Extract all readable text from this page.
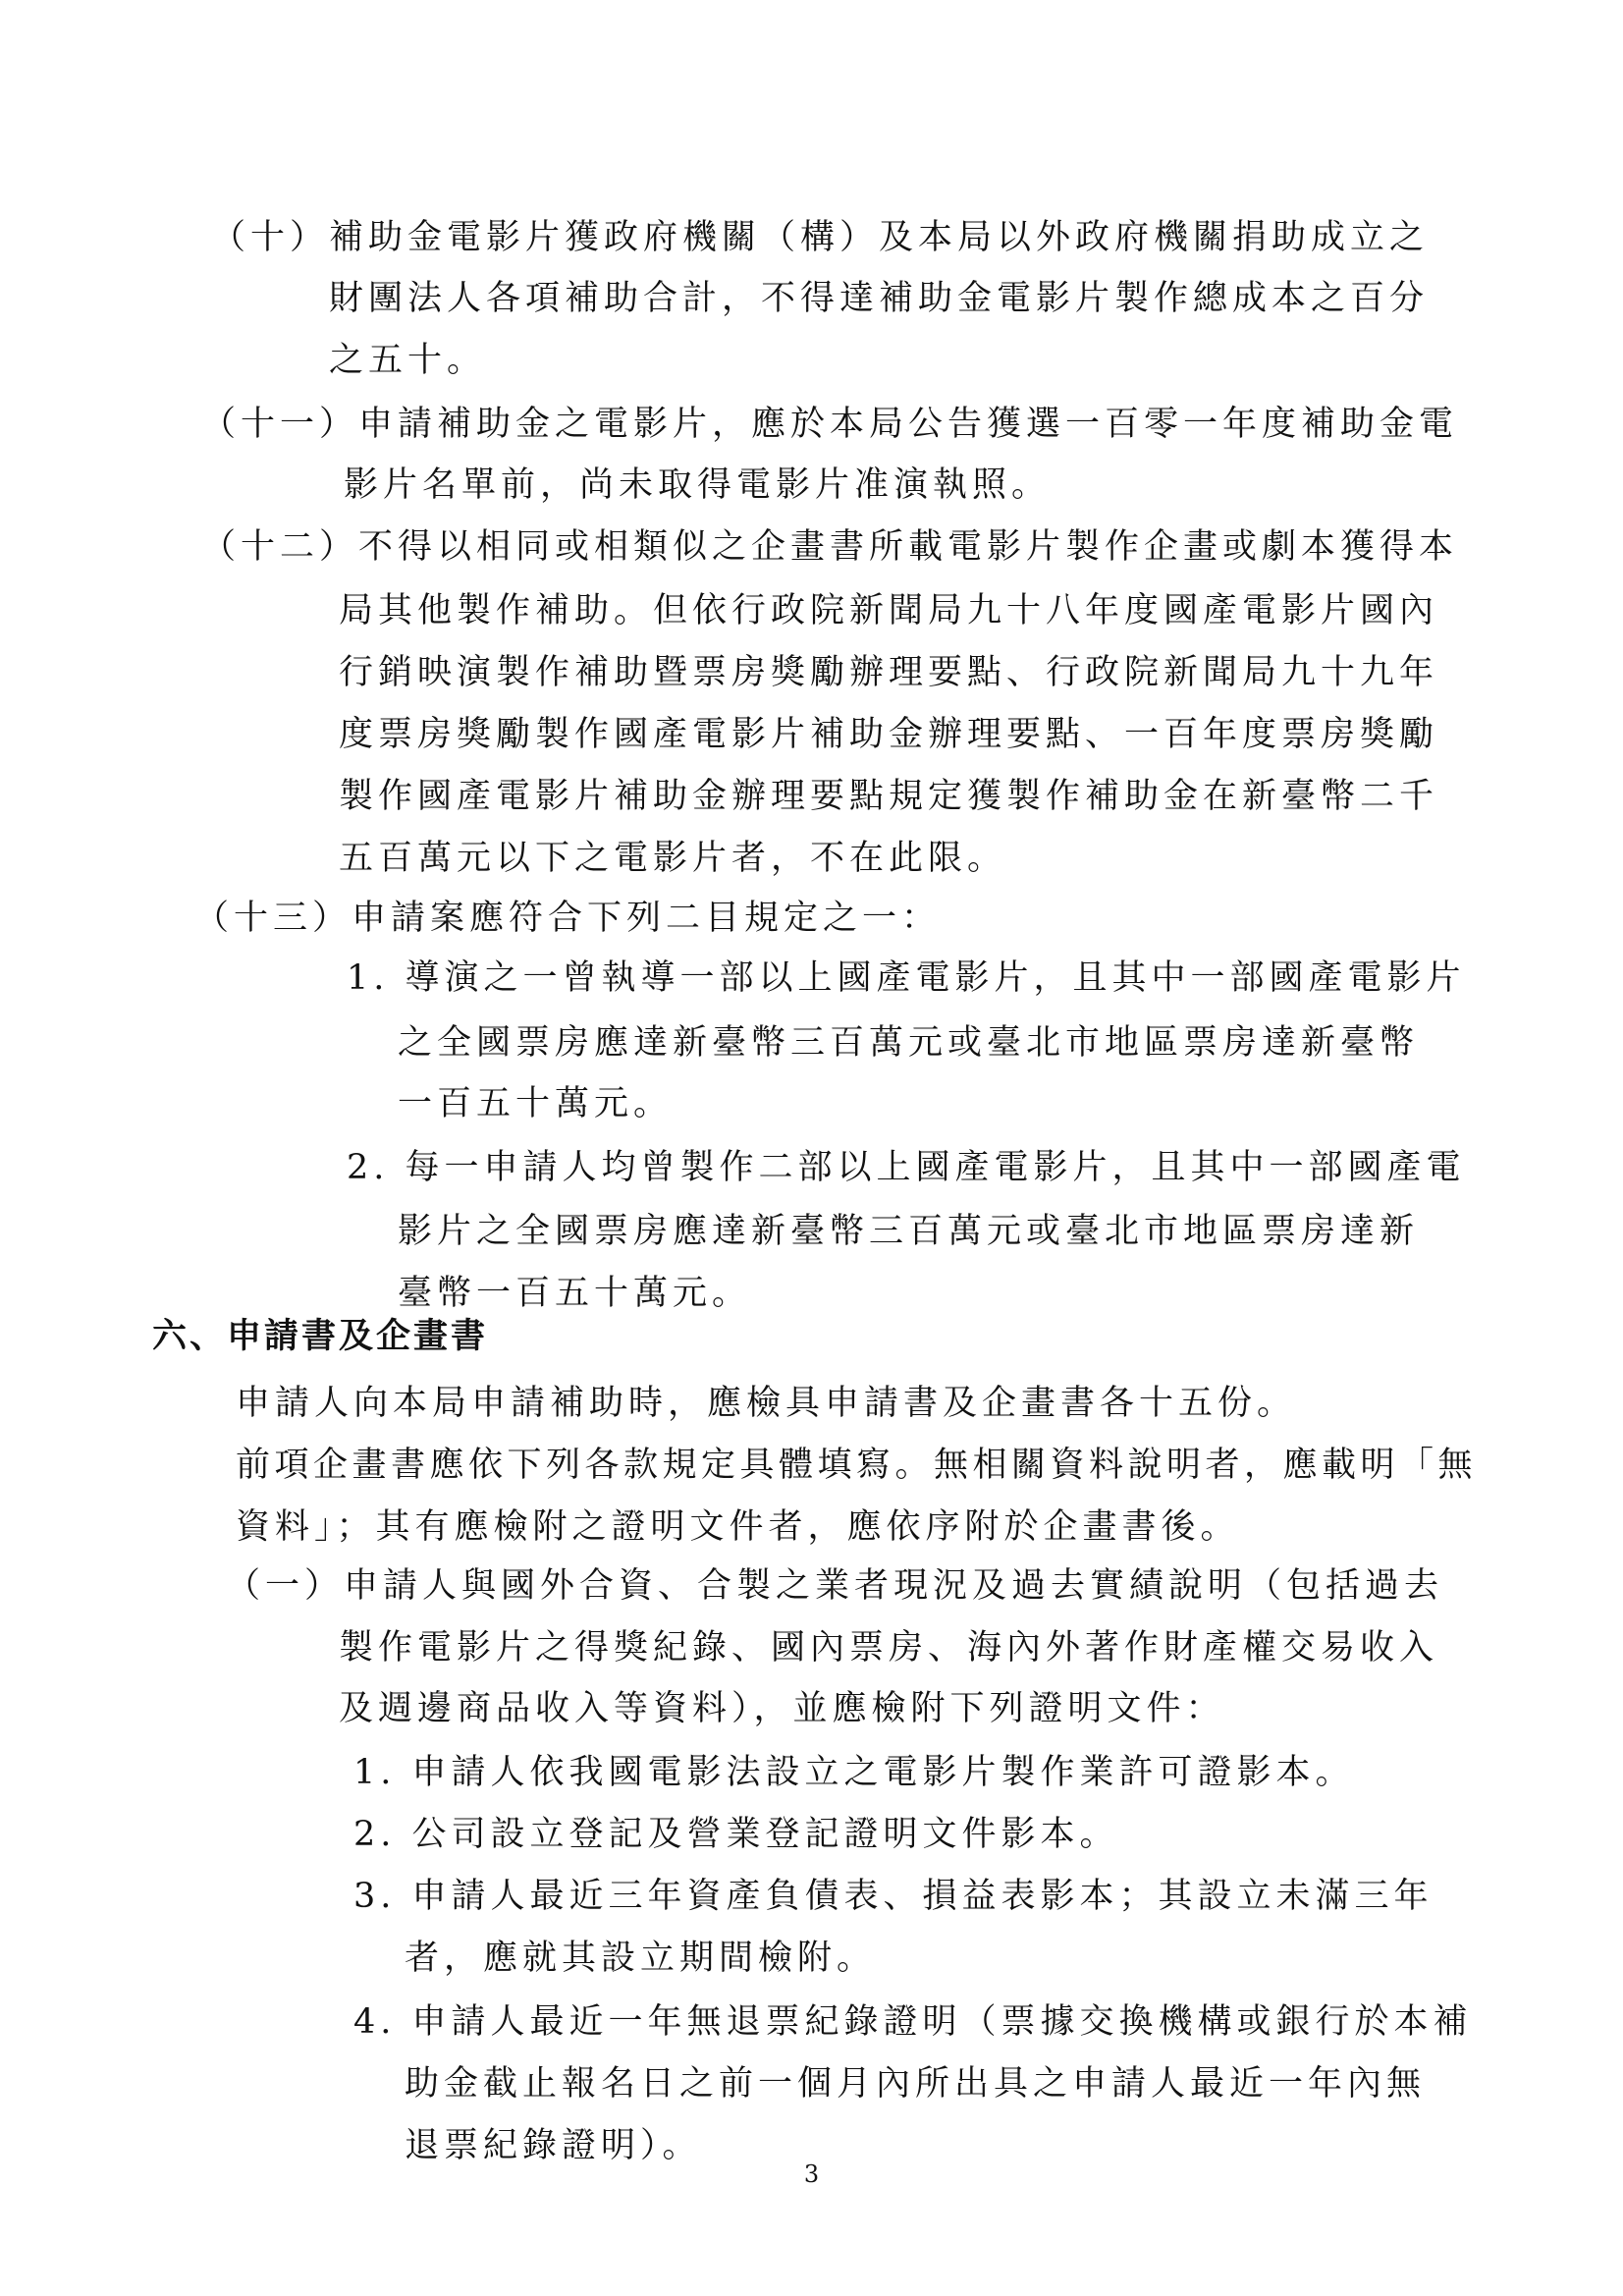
（十）補助金電影片獲政府機關（構）及本局以外政府機關捐助成立之
財團法人各項補助合計，不得達補助金電影片製作總成本之百分
之五十。
（十一）申請補助金之電影片，應於本局公告獲選一百零一年度補助金電
影片名單前，尚未取得電影片准演執照。
（十二）不得以相同或相類似之企畫書所載電影片製作企畫或劇本獲得本
局其他製作補助。但依行政院新聞局九十八年度國產電影片國內
行銷映演製作補助暨票房獎勵辦理要點、行政院新聞局九十九年
度票房獎勵製作國產電影片補助金辦理要點、一百年度票房獎勵
製作國產電影片補助金辦理要點規定獲製作補助金在新臺幣二千
五百萬元以下之電影片者，不在此限。
（十三）申請案應符合下列二目規定之一：
1. 導演之一曾執導一部以上國產電影片，且其中一部國產電影片
之全國票房應達新臺幣三百萬元或臺北市地區票房達新臺幣
一百五十萬元。
2. 每一申請人均曾製作二部以上國產電影片，且其中一部國產電
影片之全國票房應達新臺幣三百萬元或臺北市地區票房達新
臺幣一百五十萬元。
六、申請書及企畫書
申請人向本局申請補助時，應檢具申請書及企畫書各十五份。
前項企畫書應依下列各款規定具體填寫。無相關資料說明者，應載明「無
資料」；其有應檢附之證明文件者，應依序附於企畫書後。
（一）申請人與國外合資、合製之業者現況及過去實績說明（包括過去
製作電影片之得獎紀錄、國內票房、海內外著作財產權交易收入
及週邊商品收入等資料），並應檢附下列證明文件：
1. 申請人依我國電影法設立之電影片製作業許可證影本。
2. 公司設立登記及營業登記證明文件影本。
3. 申請人最近三年資產負債表、損益表影本；其設立未滿三年
者，應就其設立期間檢附。
4. 申請人最近一年無退票紀錄證明（票據交換機構或銀行於本補
助金截止報名日之前一個月內所出具之申請人最近一年內無
退票紀錄證明）。
3
